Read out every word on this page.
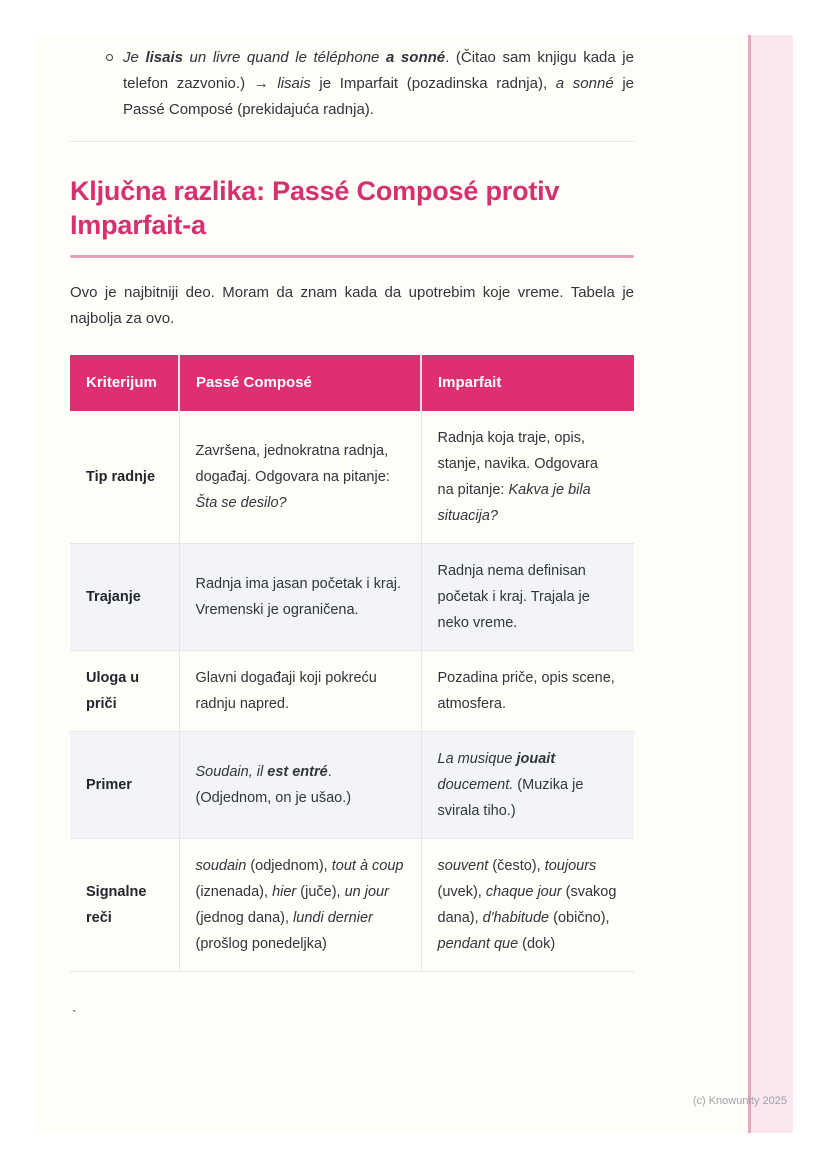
Je lisais un livre quand le téléphone a sonné. (Čitao sam knjigu kada je telefon zazvonio.) → lisais je Imparfait (pozadinska radnja), a sonné je Passé Composé (prekidajuća radnja).
Ključna razlika: Passé Composé protiv Imparfait-a

Ovo je najbitniji deo. Moram da znam kada da upotrebim koje vreme. Tabela je najbolja za ovo.

Kriterijum	Passé Composé	Imparfait
Tip radnje	Završena, jednokratna radnja, događaj. Odgovara na pitanje: Šta se desilo?	Radnja koja traje, opis, stanje, navika. Odgovara na pitanje: Kakva je bila situacija?
Trajanje	Radnja ima jasan početak i kraj. Vremenski je ograničena.	Radnja nema definisan početak i kraj. Trajala je neko vreme.
Uloga u priči	Glavni događaji koji pokreću radnju napred.	Pozadina priče, opis scene, atmosfera.
Primer	Soudain, il est entré. (Odjednom, on je ušao.)	La musique jouait doucement. (Muzika je svirala tiho.)
Signalne reči	soudain (odjednom), tout à coup (iznenada), hier (juče), un jour (jednog dana), lundi dernier (prošlog ponedeljka)	souvent (često), toujours (uvek), chaque jour (svakog dana), d'habitude (obično), pendant que (dok)
`
(c) Knowunity 2025
